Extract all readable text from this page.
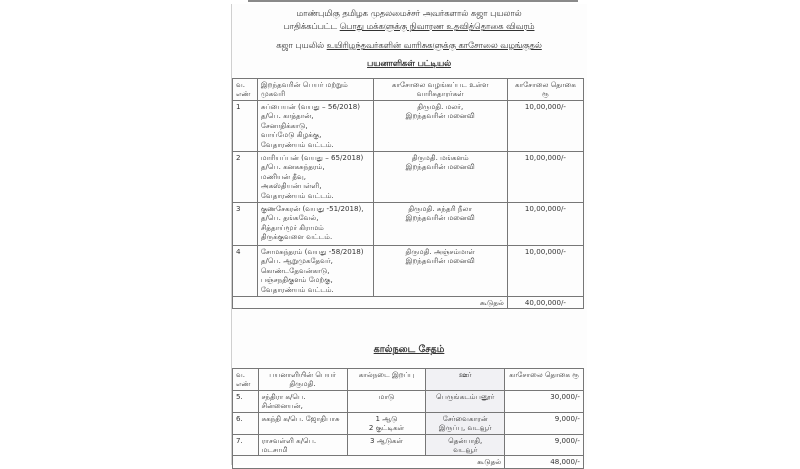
மாண்புமிகு தமிழக முதலமைச்சர் அவர்களால் கஜா புயலால்
பாதிக்கப்பட்ட பொது மக்களுக்கு நிவாரண உதவித்தொகை விவரம்
கஜா புயலில் உயிரிழந்தவர்களின் வாரிசுகளுக்கு காசோலை வழங்குதல்
பயனாளிகள் பட்டியல்
வ. எண்	இறந்தவரின் பெயர் மற்றும் முகவரி	காசோலை வழங்கப்பட உள்ள வாரிசுதாரர்கள்	காசோலை தொகை ரூ
1	சுப்பையன் (வயது – 56/2018)
த/பெ. காத்தான்,
சேனாதிக்காடு,
வாய்மேடு கிழக்கு,
வேதாரண்யம் வட்டம்.	திருமதி. மலர்,
இறந்தவரின் மனைவி	10,00,000/-
2	மாரியப்பன் (வயது – 65/2018)
த/பெ. கனகசுந்தரம்,
மணியன் தீவு,
அகஸ்தியன்பள்ளி,
வேதாரண்யம் வட்டம்.	திருமதி. மங்களம்
இறந்தவரின் மனைவி	10,00,000/-
3	குணசேகரன் (வயது -51/2018),
த/பெ. தங்கவேல்,
சித்தாய்மூர் கிராமம்
திருக்குவளை வட்டம்.	திருமதி. சுந்தரி நீலா
இறந்தவரின் மனைவி	10,00,000/-
4	சோமசுந்தரம் (வயது -58/2018)
த/பெ. ஆறுமுகதேவர்,
கொண்டதேவன்காடு,
பஞ்சநதிகுளம் மேற்கு,
வேதாரண்யம் வட்டம்.	திருமதி. அஞ்சம்மாள்
இறந்தவரின் மனைவி	10,00,000/-
கூடுதல்			40,00,000/-
கால்நடை சேதம்
வ. எண்	பயனாளியின் பெயர் திருமதி.	கால்நடை இறப்பு	ஊர்	காசோலை தொகை ரூ
5.	சந்திரா க/பெ. சின்னையன்,	மாடு	பெருங்கடம்பனூர்	30,000/-
6.	சுகந்தி க/பெ. ஜோதிபாசு	1 ஆடு
2 குட்டிகள்	சேர்வைகாரன்
இருப்பு, வடவூர்	9,000/-
7.	ராசவள்ளி க/பெ. மடசாமி	3 ஆடுகள்	தென்பாதி,
வடவூர்	9,000/-
கூடுதல்				48,000/-
